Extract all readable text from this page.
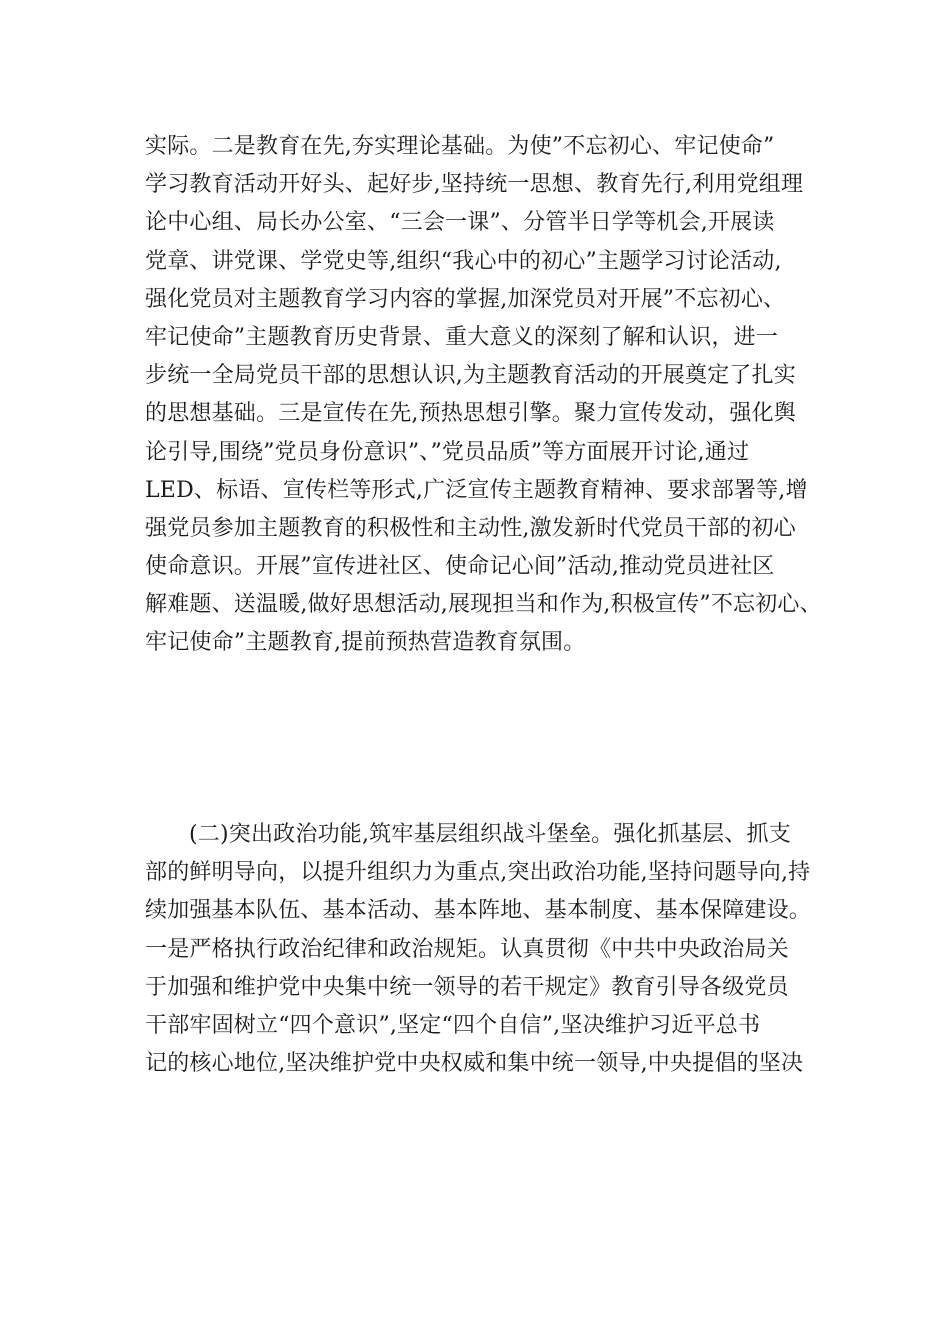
实际。二是教育在先,夯实理论基础。为使”不忘初心、牢记使命”
学习教育活动开好头、起好步,坚持统一思想、教育先行,利用党组理
论中心组、局长办公室、“三会一课”、分管半日学等机会,开展读
党章、讲党课、学党史等,组织“我心中的初心”主题学习讨论活动,
强化党员对主题教育学习内容的掌握,加深党员对开展”不忘初心、
牢记使命”主题教育历史背景、重大意义的深刻了解和认识，进一
步统一全局党员干部的思想认识,为主题教育活动的开展奠定了扎实
的思想基础。三是宣传在先,预热思想引擎。聚力宣传发动，强化舆
论引导,围绕”党员身份意识”、”党员品质”等方面展开讨论,通过
LED、标语、宣传栏等形式,广泛宣传主题教育精神、要求部署等,增
强党员参加主题教育的积极性和主动性,激发新时代党员干部的初心
使命意识。开展”宣传进社区、使命记心间”活动,推动党员进社区
解难题、送温暖,做好思想活动,展现担当和作为,积极宣传”不忘初心、
牢记使命”主题教育,提前预热营造教育氛围。
(二)突出政治功能,筑牢基层组织战斗堡垒。强化抓基层、抓支
部的鲜明导向，以提升组织力为重点,突出政治功能,坚持问题导向,持
续加强基本队伍、基本活动、基本阵地、基本制度、基本保障建设。
一是严格执行政治纪律和政治规矩。认真贯彻《中共中央政治局关
于加强和维护党中央集中统一领导的若干规定》教育引导各级党员
干部牢固树立“四个意识”,坚定“四个自信”,坚决维护习近平总书
记的核心地位,坚决维护党中央权威和集中统一领导,中央提倡的坚决
